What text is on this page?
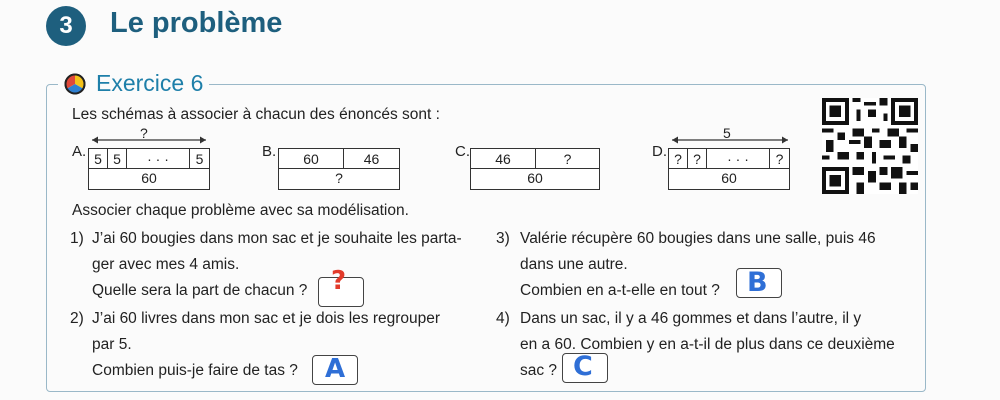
3	Le problème
Exercice 6
Les schémas à associer à chacun des énoncés sont :
A.
?
5 5	· · ·	5
60
B.	60	46
?
C.	46	?
60
D.
5
? ?	· · ·	?
60
Associer chaque problème avec sa modélisation.
1) J’ai 60 bougies dans mon sac et je souhaite les parta-
ger avec mes 4 amis.
Quelle sera la part de chacun ? ?
2) J’ai 60 livres dans mon sac et je dois les regrouper
par 5.
Combien puis-je faire de tas ? A
3) Valérie récupère 60 bougies dans une salle, puis 46
dans une autre.
Combien en a-t-elle en tout ? B
4) Dans un sac, il y a 46 gommes et dans l’autre, il y
en a 60. Combien y en a-t-il de plus dans ce deuxième
sac ? C
